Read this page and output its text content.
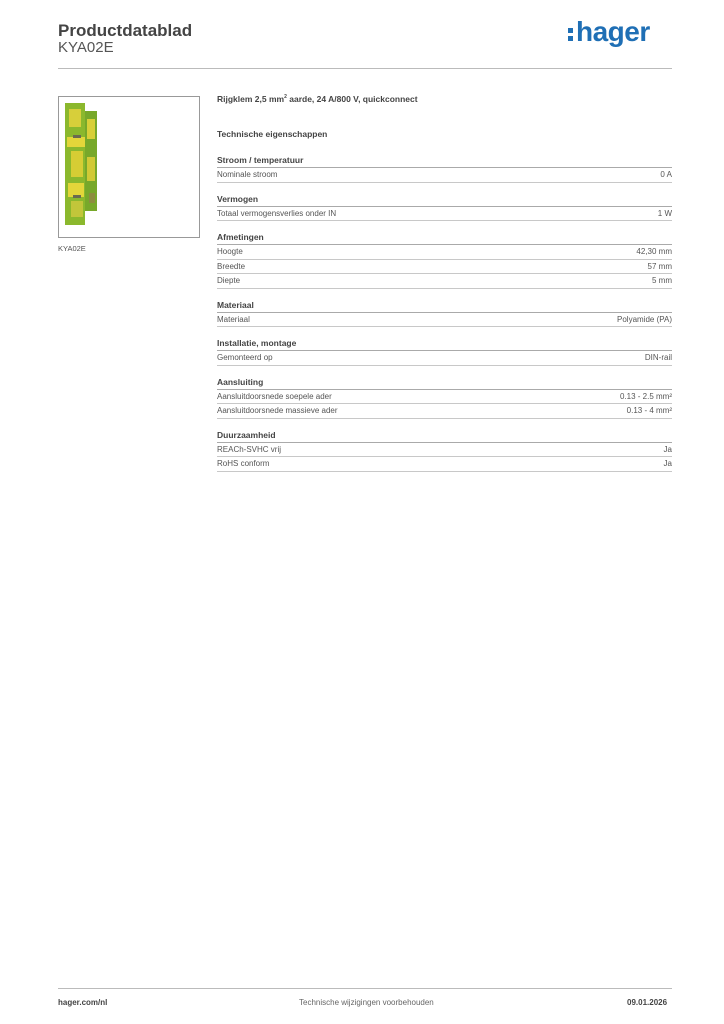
Productdatablad
KYA02E
hager
KYA02E
Rijgklem 2,5 $mm^2$ aarde, 24 A/800 V, quickconnect
Technische eigenschappen
Stroom / temperatuur
Nominale stroom	0 A
Vermogen
Totaal vermogensverlies onder IN	1 W
Afmetingen
Hoogte	42,30 mm
Breedte	57 mm
Diepte	5 mm
Materiaal
Materiaal	Polyamide (PA)
Installatie, montage
Gemonteerd op	DIN-rail
Aansluiting
Aansluitdoorsnede soepele ader	0.13 - 2.5 mm²
Aansluitdoorsnede massieve ader	0.13 - 4 mm²
Duurzaamheid
REACh-SVHC vrij	Ja
RoHS conform	Ja
hager.com/nl	Technische wijzigingen voorbehouden	09.01.2026
